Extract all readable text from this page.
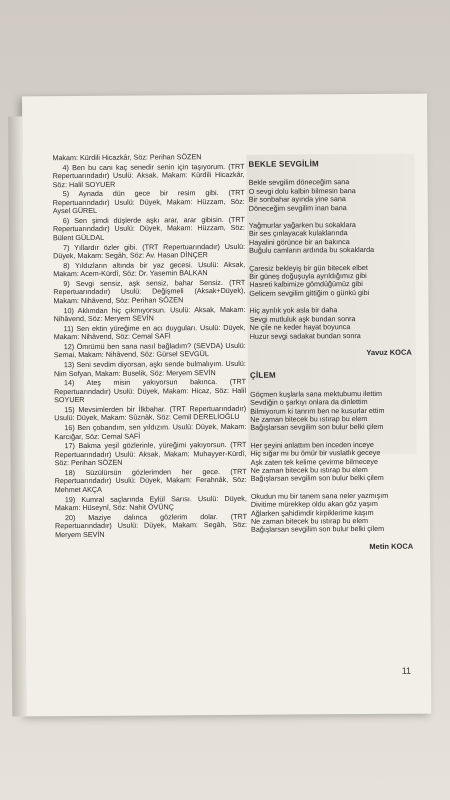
Makam: Kürdili Hicazkâr, Söz: Perihan SÖZEN

4) Ben bu canı kaç senedir senin için taşıyorum. (TRT Repertuarındadır) Usulü: Aksak, Makam: Kürdili Hicazkâr, Söz: Halil SOYUER

5) Aynada dün gece bir resim gibi. (TRT Repertuarındadır) Usulü: Düyek, Makam: Hüzzam, Söz: Aysel GÜREL

6) Sen şimdi düşlerde aşkı arar, arar gibisin. (TRT Repertuarındadır) Usulü: Düyek, Makam: Hüzzam, Söz: Bülent GÜLDAL

7) Yıllardır özler gibi. (TRT Repertuarındadır) Usulü: Düyek, Makam: Segâh, Söz: Av. Hasan DİNÇER

8) Yıldızların altında bir yaz gecesi. Usulü: Aksak, Makam: Acem-Kürdî, Söz: Dr. Yasemin BALKAN

9) Sevgi sensiz, aşk sensiz, bahar Sensiz. (TRT Repertuarındadır) Usulü: Değişmeli (Aksak+Düyek), Makam: Nihâvend, Söz: Perihan SÖZEN

10) Aklımdan hiç çıkmıyorsun. Usulü: Aksak, Makam: Nihâvend, Söz: Meryem SEVİN

11) Sen ektin yüreğime en acı duyguları. Usulü: Düyek, Makam: Nihâvend, Söz: Cemal SAFİ

12) Ömrümü ben sana nasıl bağladım? (SEVDA) Usulü: Semai, Makam: Nihâvend, Söz: Gürsel SEVGÜL

13) Seni sevdim diyorsan, aşkı sende bulmalıyım. Usulü: Nim Sofyan, Makam: Buselik, Söz: Meryem SEVİN

14) Ateş misin yakıyorsun bakınca. (TRT Repertuarındadır) Usulü: Düyek, Makam: Hicaz, Söz: Halil SOYUER

15) Mevsimlerden bir İlkbahar. (TRT Repertuarındadır) Usulü: Düyek, Makam: Sûznâk, Söz: Cemil DERELİOĞLU

16) Ben çobandım, sen yıldızım. Usulü: Düyek, Makam: Karcığar, Söz: Cemal SAFİ

17) Bakma yeşil gözlerinle, yüreğimi yakıyorsun. (TRT Repertuarındadır) Usulü: Aksak, Makam: Muhayyer-Kürdî, Söz: Perihan SÖZEN

18) Süzülürsün gözlerimden her gece. (TRT Repertuarındadır) Usulü: Düyek, Makam: Ferahnâk, Söz: Mehmet AKÇA

19) Kumral saçlarında Eylül Sarısı. Usulü: Düyek, Makam: Hüseynî, Söz: Nahit ÖVÜNÇ

20) Maziye dalınca gözlerim dolar. (TRT Repertuarındadır) Usulü: Düyek, Makam: Segâh, Söz: Meryem SEVİN

BEKLE SEVGİLİM
Bekle sevgilim döneceğim sana
O sevgi dolu kalbin bilmesin bana
Bir sonbahar ayında yine sana
Döneceğim sevgilim inan bana
Yağmurlar yağarken bu sokaklara
Bir ses çınlayacak kulaklarında
Hayalini görünce bir an bakınca
Buğulu camların ardında bu sokaklarda
Çaresiz bekleyiş bir gün bitecek elbet
Bir güneş doğuşuyla ayrıldığımız gibi
Hasreti kalbimize gömdüğümüz gibi
Gelicem sevgilim gittiğim o günkü gibi
Hiç ayrılık yok asla bir daha
Sevgi mutluluk aşk bundan sonra
Ne çile ne keder hayat boyunca
Huzur sevgi sadakat bundan sonra
Yavuz KOCA
ÇİLEM
Göçmen kuşlarla sana mektubumu ilettim
Sevdiğin o şarkıyı onlara da dinlettim
Bilmiyorum ki tanrım ben ne kusurlar ettim
Ne zaman bitecek bu ıstırap bu elem
Bağışlarsan sevgilim son bulur belki çilem
Her şeyini anlattım ben inceden inceye
Hiç sığar mı bu ömür bir vuslatlık geceye
Aşk zaten tek kelime çevirme bilmeceye
Ne zaman bitecek bu ıstırap bu elem
Bağışlarsan sevgilim son bulur belki çilem
Okudun mu bir tanem sana neler yazmışım
Divitime mürekkep oldu akan göz yaşım
Ağlarken şahidimdir kirpiklerime kaşım
Ne zaman bitecek bu ıstırap bu elem
Bağışlarsan sevgilim son bulur belki çilem
Metin KOCA
11
